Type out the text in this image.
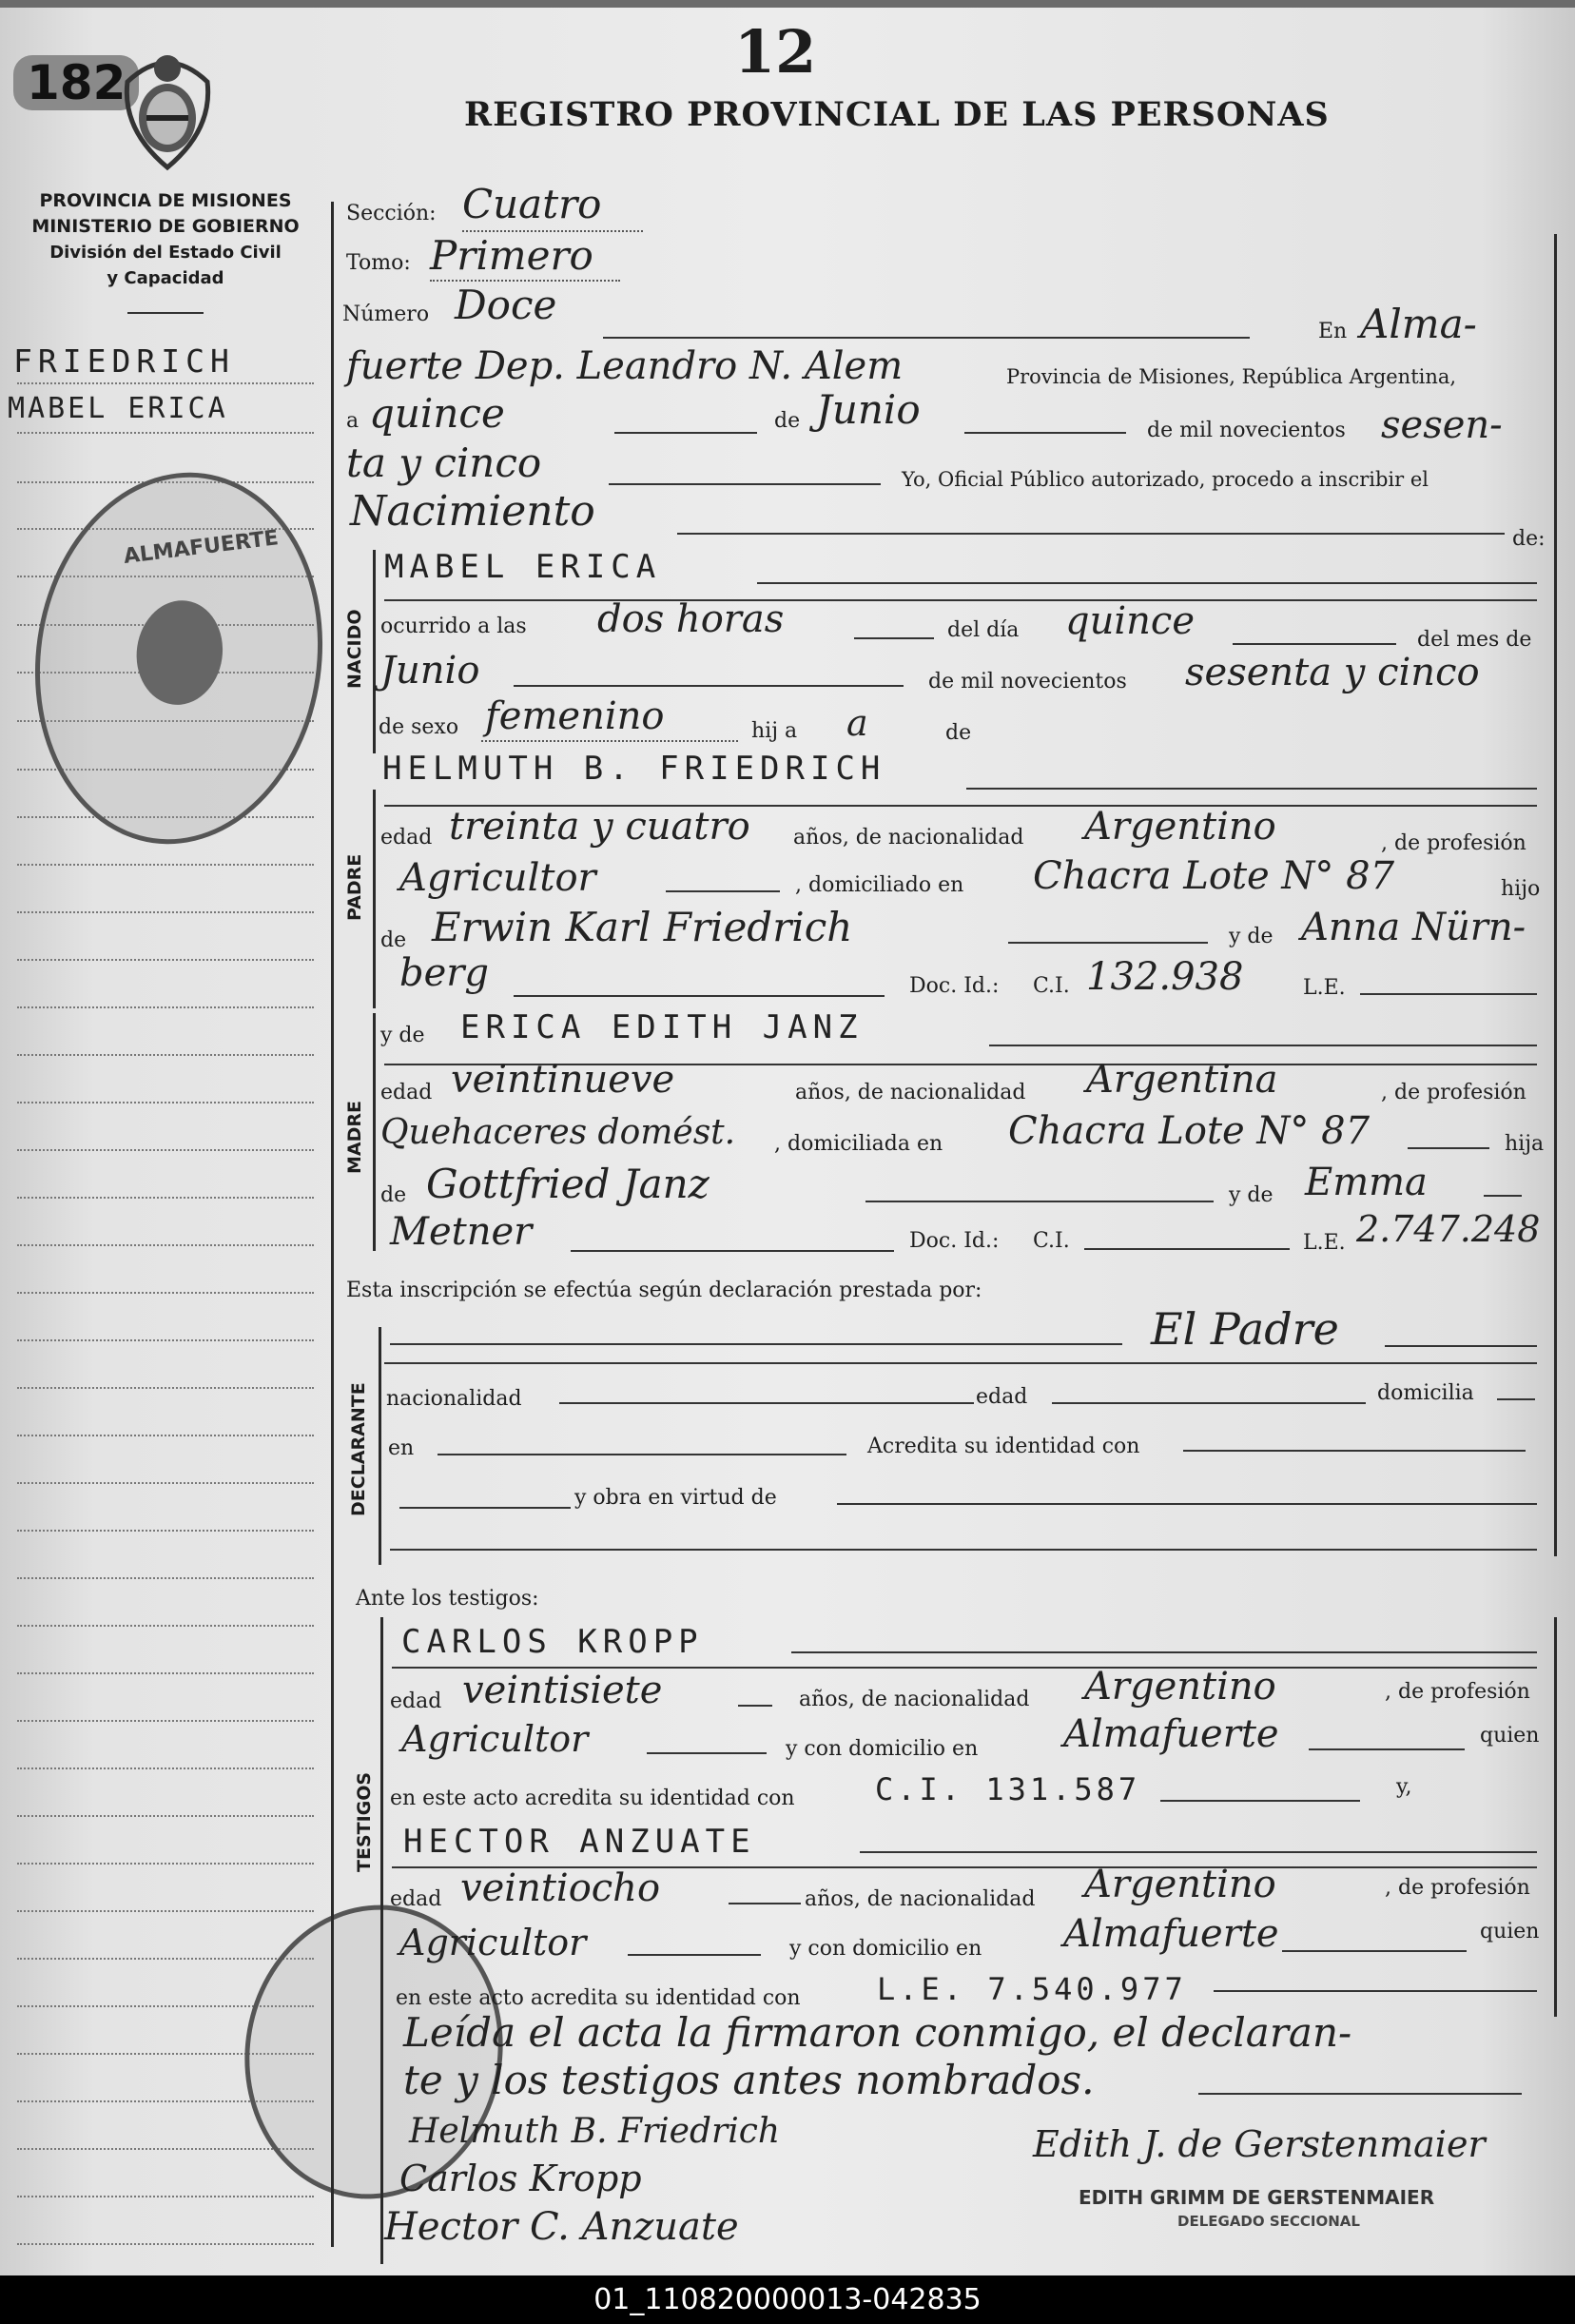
182	12
REGISTRO PROVINCIAL DE LAS PERSONAS
PROVINCIA DE MISIONES
MINISTERIO DE GOBIERNO
División del Estado Civil
y Capacidad
FRIEDRICH
MABEL ERICA
ALMAFUERTE
NACIDO
PADRE
MADRE
DECLARANTE
TESTIGOS
Sección: Cuatro
Tomo: Primero
Número Doce
En Alma-
fuerte Dep. Leandro N. Alem	Provincia de Misiones, República Argentina,
a quince	de Junio	de mil novecientos sesen-
ta y cinco	Yo, Oficial Público autorizado, procedo a inscribir el
Nacimiento
de:
MABEL ERICA
ocurrido a las dos horas	del día quince	del mes de
Junio	de mil novecientos sesenta y cinco
de sexo femenino	hij a a	de
HELMUTH B. FRIEDRICH
edad treinta y cuatro años, de nacionalidad Argentino	, de profesión
Agricultor	, domiciliado en Chacra Lote N° 87	hijo
de Erwin Karl Friedrich	y de Anna Nürn-
berg	Doc. Id.: C.I. 132.938	L.E.
y de ERICA EDITH JANZ
edad veintinueve	años, de nacionalidad Argentina	, de profesión
Quehaceres domést. , domiciliada en Chacra Lote N° 87	hija
de Gottfried Janz	y de Emma
Metner	Doc. Id.: C.I.	L.E. 2.747.248
Esta inscripción se efectúa según declaración prestada por:
El Padre
nacionalidad	edad	domicilia
en	Acredita su identidad con
y obra en virtud de
Ante los testigos:
CARLOS KROPP
edad veintisiete	años, de nacionalidad Argentino	, de profesión
Agricultor	y con domicilio en Almafuerte	quien
en este acto acredita su identidad con	C.I. 131.587	y,
HECTOR ANZUATE
edad veintiocho	años, de nacionalidad Argentino	, de profesión
Agricultor	y con domicilio en Almafuerte	quien
en este acto acredita su identidad con	L.E. 7.540.977
Leída el acta la firmaron conmigo, el declaran-
te y los testigos antes nombrados.
Helmuth B. Friedrich
Carlos Kropp
Hector C. Anzuate
Edith J. de Gerstenmaier
EDITH GRIMM DE GERSTENMAIER
DELEGADO SECCIONAL
01_110820000013-042835
